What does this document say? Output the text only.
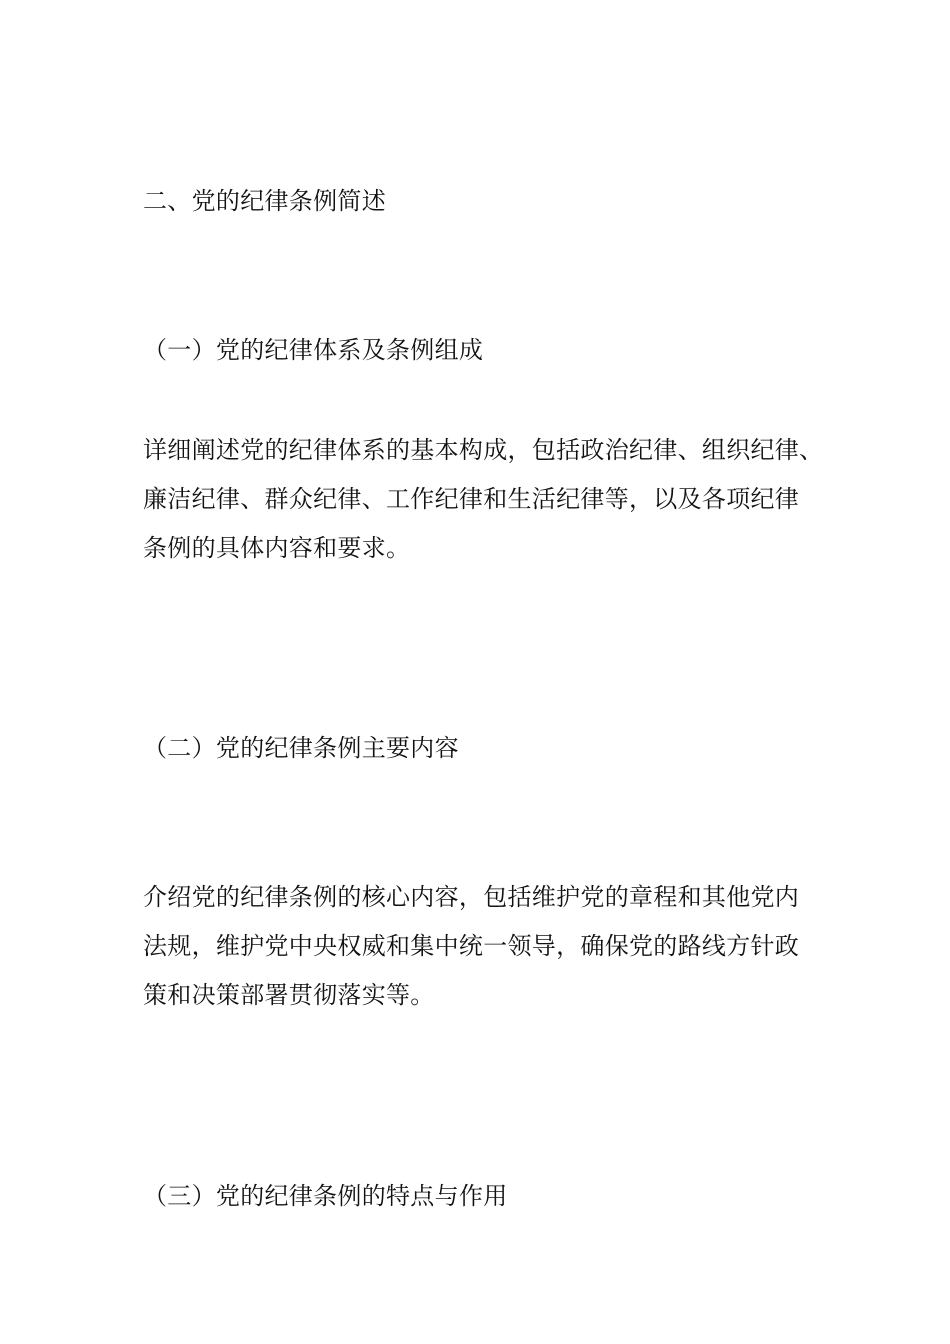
二、党的纪律条例简述
（一）党的纪律体系及条例组成
详细阐述党的纪律体系的基本构成，包括政治纪律、组织纪律、
廉洁纪律、群众纪律、工作纪律和生活纪律等，以及各项纪律
条例的具体内容和要求。
（二）党的纪律条例主要内容
介绍党的纪律条例的核心内容，包括维护党的章程和其他党内
法规，维护党中央权威和集中统一领导，确保党的路线方针政
策和决策部署贯彻落实等。
（三）党的纪律条例的特点与作用
